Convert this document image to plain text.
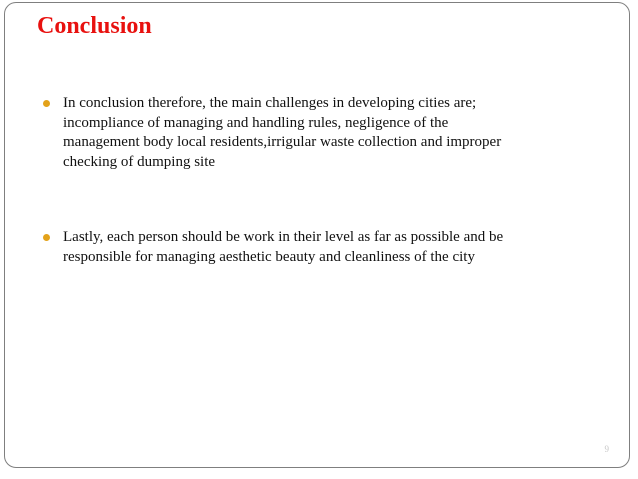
Conclusion
In conclusion therefore, the main challenges in developing cities are;
incompliance of managing and handling rules, negligence of the
management body local residents,irrigular waste collection and improper
checking of dumping site
Lastly, each person should be work in their level as far as possible and be
responsible for managing aesthetic beauty and cleanliness of the city
9
